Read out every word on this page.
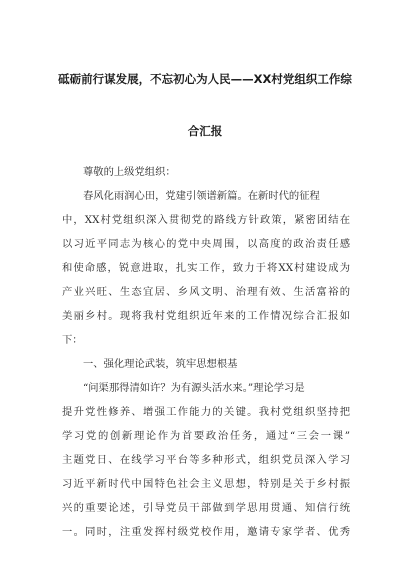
砥砺前行谋发展，不忘初心为人民——XX村党组织工作综
合汇报

尊敬的上级党组织：

春风化雨润心田，党建引领谱新篇。在新时代的征程
中，XX村党组织深入贯彻党的路线方针政策，紧密团结在
以习近平同志为核心的党中央周围，以高度的政治责任感
和使命感，锐意进取，扎实工作，致力于将XX村建设成为
产业兴旺、生态宜居、乡风文明、治理有效、生活富裕的
美丽乡村。现将我村党组织近年来的工作情况综合汇报如
下：

一、强化理论武装，筑牢思想根基

“问渠那得清如许？为有源头活水来。”理论学习是
提升党性修养、增强工作能力的关键。我村党组织坚持把
学习党的创新理论作为首要政治任务，通过“三会一课”
主题党日、在线学习平台等多种形式，组织党员深入学习
习近平新时代中国特色社会主义思想，特别是关于乡村振
兴的重要论述，引导党员干部做到学思用贯通、知信行统
一。同时，注重发挥村级党校作用，邀请专家学者、优秀
